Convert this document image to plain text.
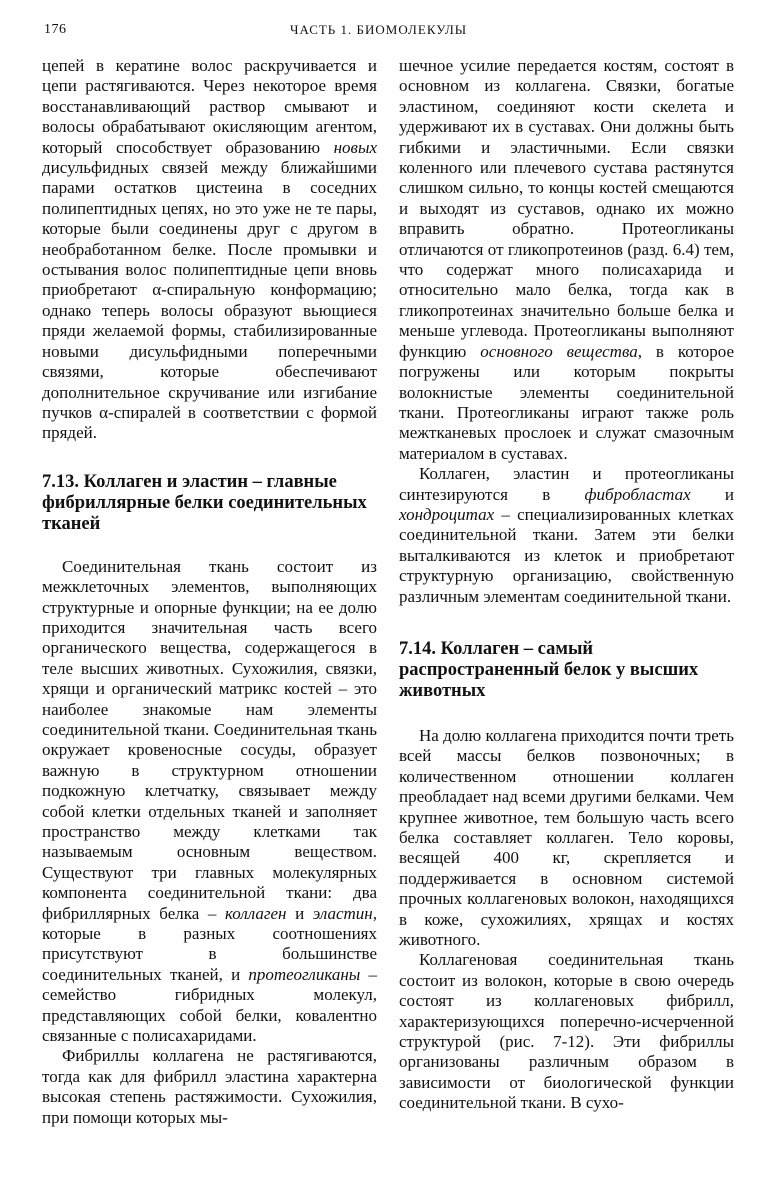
176	ЧАСТЬ 1. БИОМОЛЕКУЛЫ

цепей в кератине волос раскручивается и цепи растягиваются. Через некоторое время восстанавливающий раствор смывают и волосы обрабатывают окисляющим агентом, который способствует образованию новых дисульфидных связей между ближайшими парами остатков цистеина в соседних полипептидных цепях, но это уже не те пары, которые были соединены друг с другом в необработанном белке. После промывки и остывания волос полипептидные цепи вновь приобретают α-спиральную конформацию; однако теперь волосы образуют вьющиеся пряди желаемой формы, стабилизированные новыми дисульфидными поперечными связями, которые обеспечивают дополнительное скручивание или изгибание пучков α-спиралей в соответствии с формой прядей.

7.13. Коллаген и эластин – главные фибриллярные белки соединительных тканей

Соединительная ткань состоит из межклеточных элементов, выполняющих структурные и опорные функции; на ее долю приходится значительная часть всего органического вещества, содержащегося в теле высших животных. Сухожилия, связки, хрящи и органический матрикс костей – это наиболее знакомые нам элементы соединительной ткани. Соединительная ткань окружает кровеносные сосуды, образует важную в структурном отношении подкожную клетчатку, связывает между собой клетки отдельных тканей и заполняет пространство между клетками так называемым основным веществом. Существуют три главных молекулярных компонента соединительной ткани: два фибриллярных белка – коллаген и эластин, которые в разных соотношениях присутствуют в большинстве соединительных тканей, и протеогликаны – семейство гибридных молекул, представляющих собой белки, ковалентно связанные с полисахаридами.

Фибриллы коллагена не растягиваются, тогда как для фибрилл эластина характерна высокая степень растяжимости. Сухожилия, при помощи которых мы-

шечное усилие передается костям, состоят в основном из коллагена. Связки, богатые эластином, соединяют кости скелета и удерживают их в суставах. Они должны быть гибкими и эластичными. Если связки коленного или плечевого сустава растянутся слишком сильно, то концы костей смещаются и выходят из суставов, однако их можно вправить обратно. Протеогликаны отличаются от гликопротеинов (разд. 6.4) тем, что содержат много полисахарида и относительно мало белка, тогда как в гликопротеинах значительно больше белка и меньше углевода. Протеогликаны выполняют функцию основного вещества, в которое погружены или которым покрыты волокнистые элементы соединительной ткани. Протеогликаны играют также роль межтканевых прослоек и служат смазочным материалом в суставах.

Коллаген, эластин и протеогликаны синтезируются в фибробластах и хондроцитах – специализированных клетках соединительной ткани. Затем эти белки выталкиваются из клеток и приобретают структурную организацию, свойственную различным элементам соединительной ткани.

7.14. Коллаген – самый распространенный белок у высших животных

На долю коллагена приходится почти треть всей массы белков позвоночных; в количественном отношении коллаген преобладает над всеми другими белками. Чем крупнее животное, тем большую часть всего белка составляет коллаген. Тело коровы, весящей 400 кг, скрепляется и поддерживается в основном системой прочных коллагеновых волокон, находящихся в коже, сухожилиях, хрящах и костях животного.

Коллагеновая соединительная ткань состоит из волокон, которые в свою очередь состоят из коллагеновых фибрилл, характеризующихся поперечно-исчерченной структурой (рис. 7-12). Эти фибриллы организованы различным образом в зависимости от биологической функции соединительной ткани. В сухо-
